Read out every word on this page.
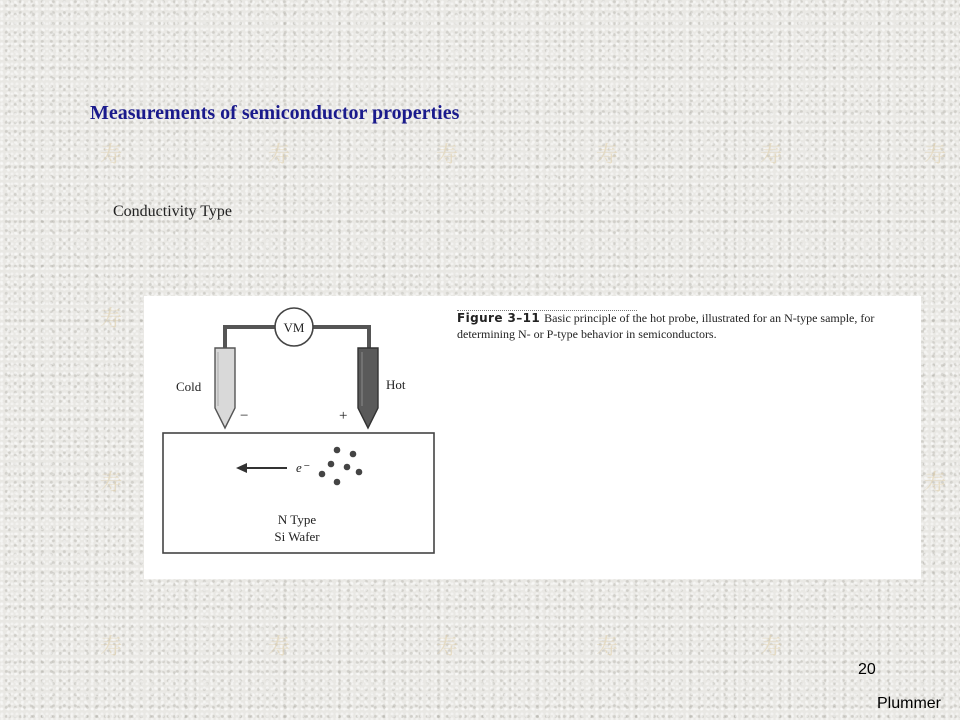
寿	寿	寿	寿	寿	寿
寿
寿	寿
寿	寿	寿	寿	寿
Measurements of semiconductor properties
Conductivity Type
VM
Cold	Hot
−	+
e⁻
N Type
Si Wafer
Figure 3–11 Basic principle of the hot probe, illustrated for an N-type sample, for determining N- or P-type behavior in semiconductors.
20
Plummer
